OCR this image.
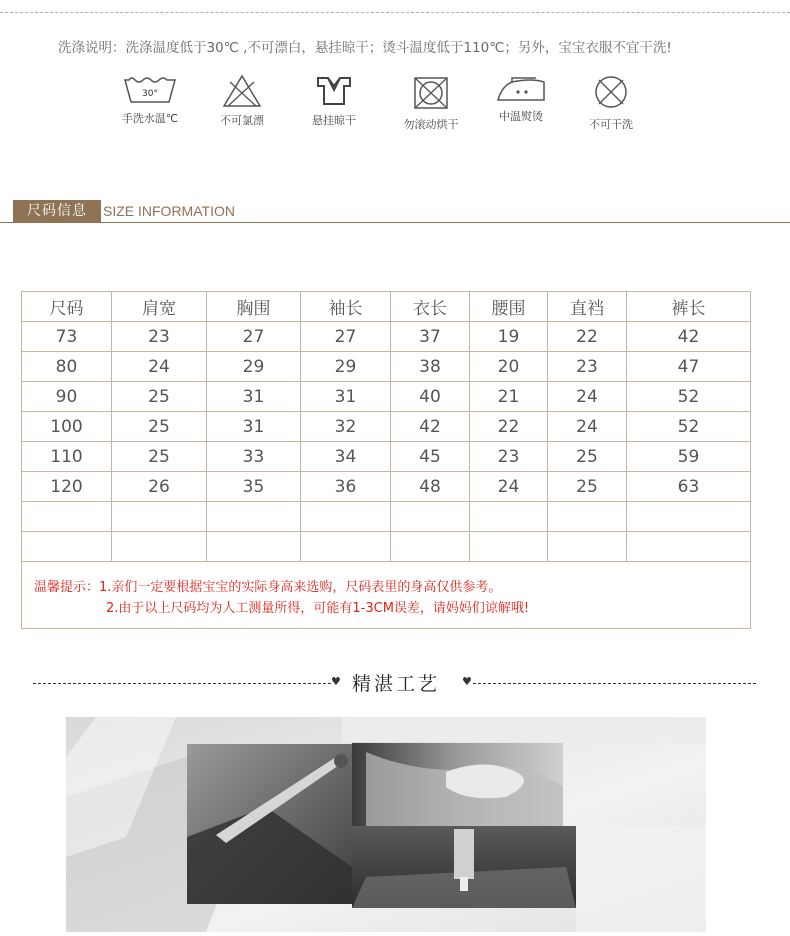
洗涤说明：洗涤温度低于30℃ ,不可漂白，悬挂晾干；烫斗温度低于110℃；另外，宝宝衣服不宜干洗!
30°
手洗水温℃	不可氯漂	悬挂晾干	勿滚动烘干
中温熨烫
不可干洗
尺码信息	SIZE INFORMATION
尺码	肩宽	胸围	袖长	衣长	腰围	直裆	裤长
73	23	27	27	37	19	22	42
80	24	29	29	38	20	23	47
90	25	31	31	40	21	24	52
100	25	31	32	42	22	24	52
110	25	33	34	45	23	25	59
120	26	35	36	48	24	25	63

温馨提示：1.亲们一定要根据宝宝的实际身高来选购，尺码表里的身高仅供参考。
2.由于以上尺码均为人工测量所得，可能有1-3CM误差，请妈妈们谅解哦!							
♥ 精湛工艺 ♥
